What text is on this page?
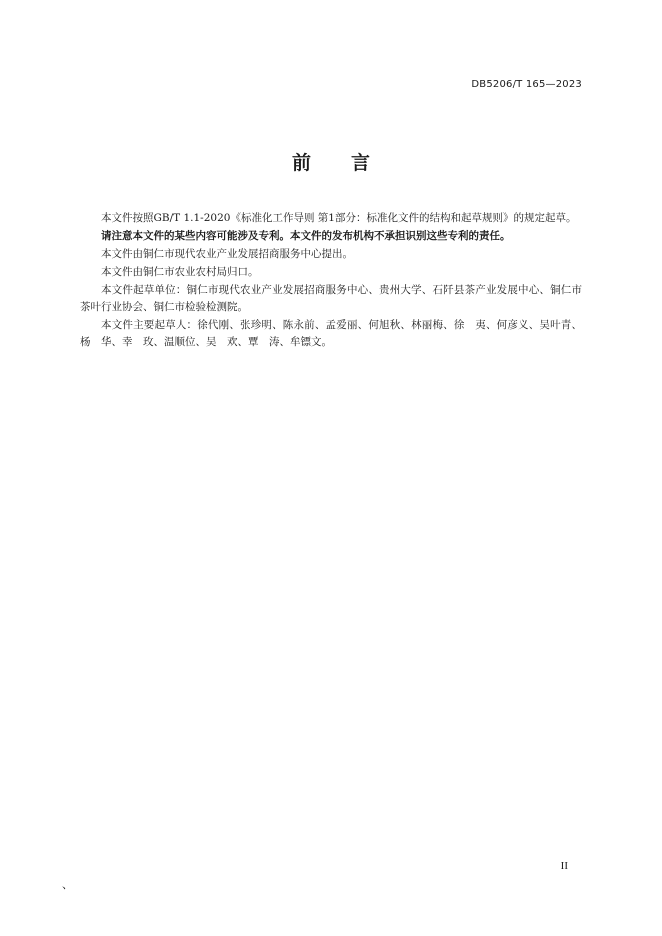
DB5206/T 165—2023
前 言

本文件按照GB/T 1.1-2020《标准化工作导则 第1部分：标准化文件的结构和起草规则》的规定起草。

请注意本文件的某些内容可能涉及专利。本文件的发布机构不承担识别这些专利的责任。

本文件由铜仁市现代农业产业发展招商服务中心提出。

本文件由铜仁市农业农村局归口。

本文件起草单位：铜仁市现代农业产业发展招商服务中心、贵州大学、石阡县茶产业发展中心、铜仁市茶叶行业协会、铜仁市检验检测院。

本文件主要起草人：徐代刚、张珍明、陈永前、孟爱丽、何旭秋、林丽梅、徐　夷、何彦义、吴叶青、杨　华、幸　玫、温顺位、吴　欢、覃　涛、牟镖文。

II
、
